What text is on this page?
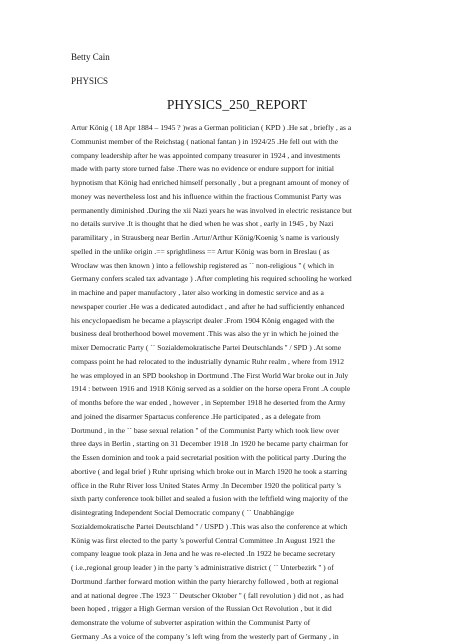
Betty Cain
PHYSICS
PHYSICS_250_REPORT
Artur König ( 18 Apr 1884 – 1945 ? )was a German politician ( KPD ) .He sat , briefly , as a
Communist member of the Reichstag ( national fantan ) in 1924/25 .He fell out with the
company leadership after he was appointed company treasurer in 1924 , and investments
made with party store turned false .There was no evidence or endure support for initial
hypnotism that König had enriched himself personally , but a pregnant amount of money of
money was nevertheless lost and his influence within the fractious Communist Party was
permanently diminished .During the xii Nazi years he was involved in electric resistance but
no details survive .It is thought that he died when he was shot , early in 1945 , by Nazi
paramilitary , in Strausberg near Berlin .Artur/Arthur König/Koenig 's name is variously
spelled in the unlike origin .== sprightliness == Artur König was born in Breslau ( as
Wrocław was then known ) into a fellowship registered as `` non-religious '' ( which in
Germany confers scaled tax advantage ) .After completing his required schooling he worked
in machine and paper manufactory , later also working in domestic service and as a
newspaper courier .He was a dedicated autodidact , and after he had sufficiently enhanced
his encyclopaedism he became a playscript dealer .From 1904 König engaged with the
business deal brotherhood bowel movement .This was also the yr in which he joined the
mixer Democratic Party ( `` Sozialdemokratische Partei Deutschlands '' / SPD ) .At some
compass point he had relocated to the industrially dynamic Ruhr realm , where from 1912
he was employed in an SPD bookshop in Dortmund .The First World War broke out in July
1914 : between 1916 and 1918 König served as a soldier on the horse opera Front .A couple
of months before the war ended , however , in September 1918 he deserted from the Army
and joined the disarmer Spartacus conference .He participated , as a delegate from
Dortmund , in the `` base sexual relation '' of the Communist Party which took liew over
three days in Berlin , starting on 31 December 1918 .In 1920 he became party chairman for
the Essen dominion and took a paid secretarial position with the political party .During the
abortive ( and legal brief ) Ruhr uprising which broke out in March 1920 he took a starring
office in the Ruhr River loss United States Army .In December 1920 the political party 's
sixth party conference took billet and sealed a fusion with the leftfield wing majority of the
disintegrating Independent Social Democratic company ( `` Unabhängige
Sozialdemokratische Partei Deutschland '' / USPD ) .This was also the conference at which
König was first elected to the party 's powerful Central Committee .In August 1921 the
company league took plaza in Jena and he was re-elected .In 1922 he became secretary
( i.e.,regional group leader ) in the party 's administrative district ( `` Unterbezirk '' ) of
Dortmund .farther forward motion within the party hierarchy followed , both at regional
and at national degree .The 1923 `` Deutscher Oktober '' ( fall revolution ) did not , as had
been hoped , trigger a High German version of the Russian Oct Revolution , but it did
demonstrate the volume of subverter aspiration within the Communist Party of
Germany .As a voice of the company 's left wing from the westerly part of Germany , in
